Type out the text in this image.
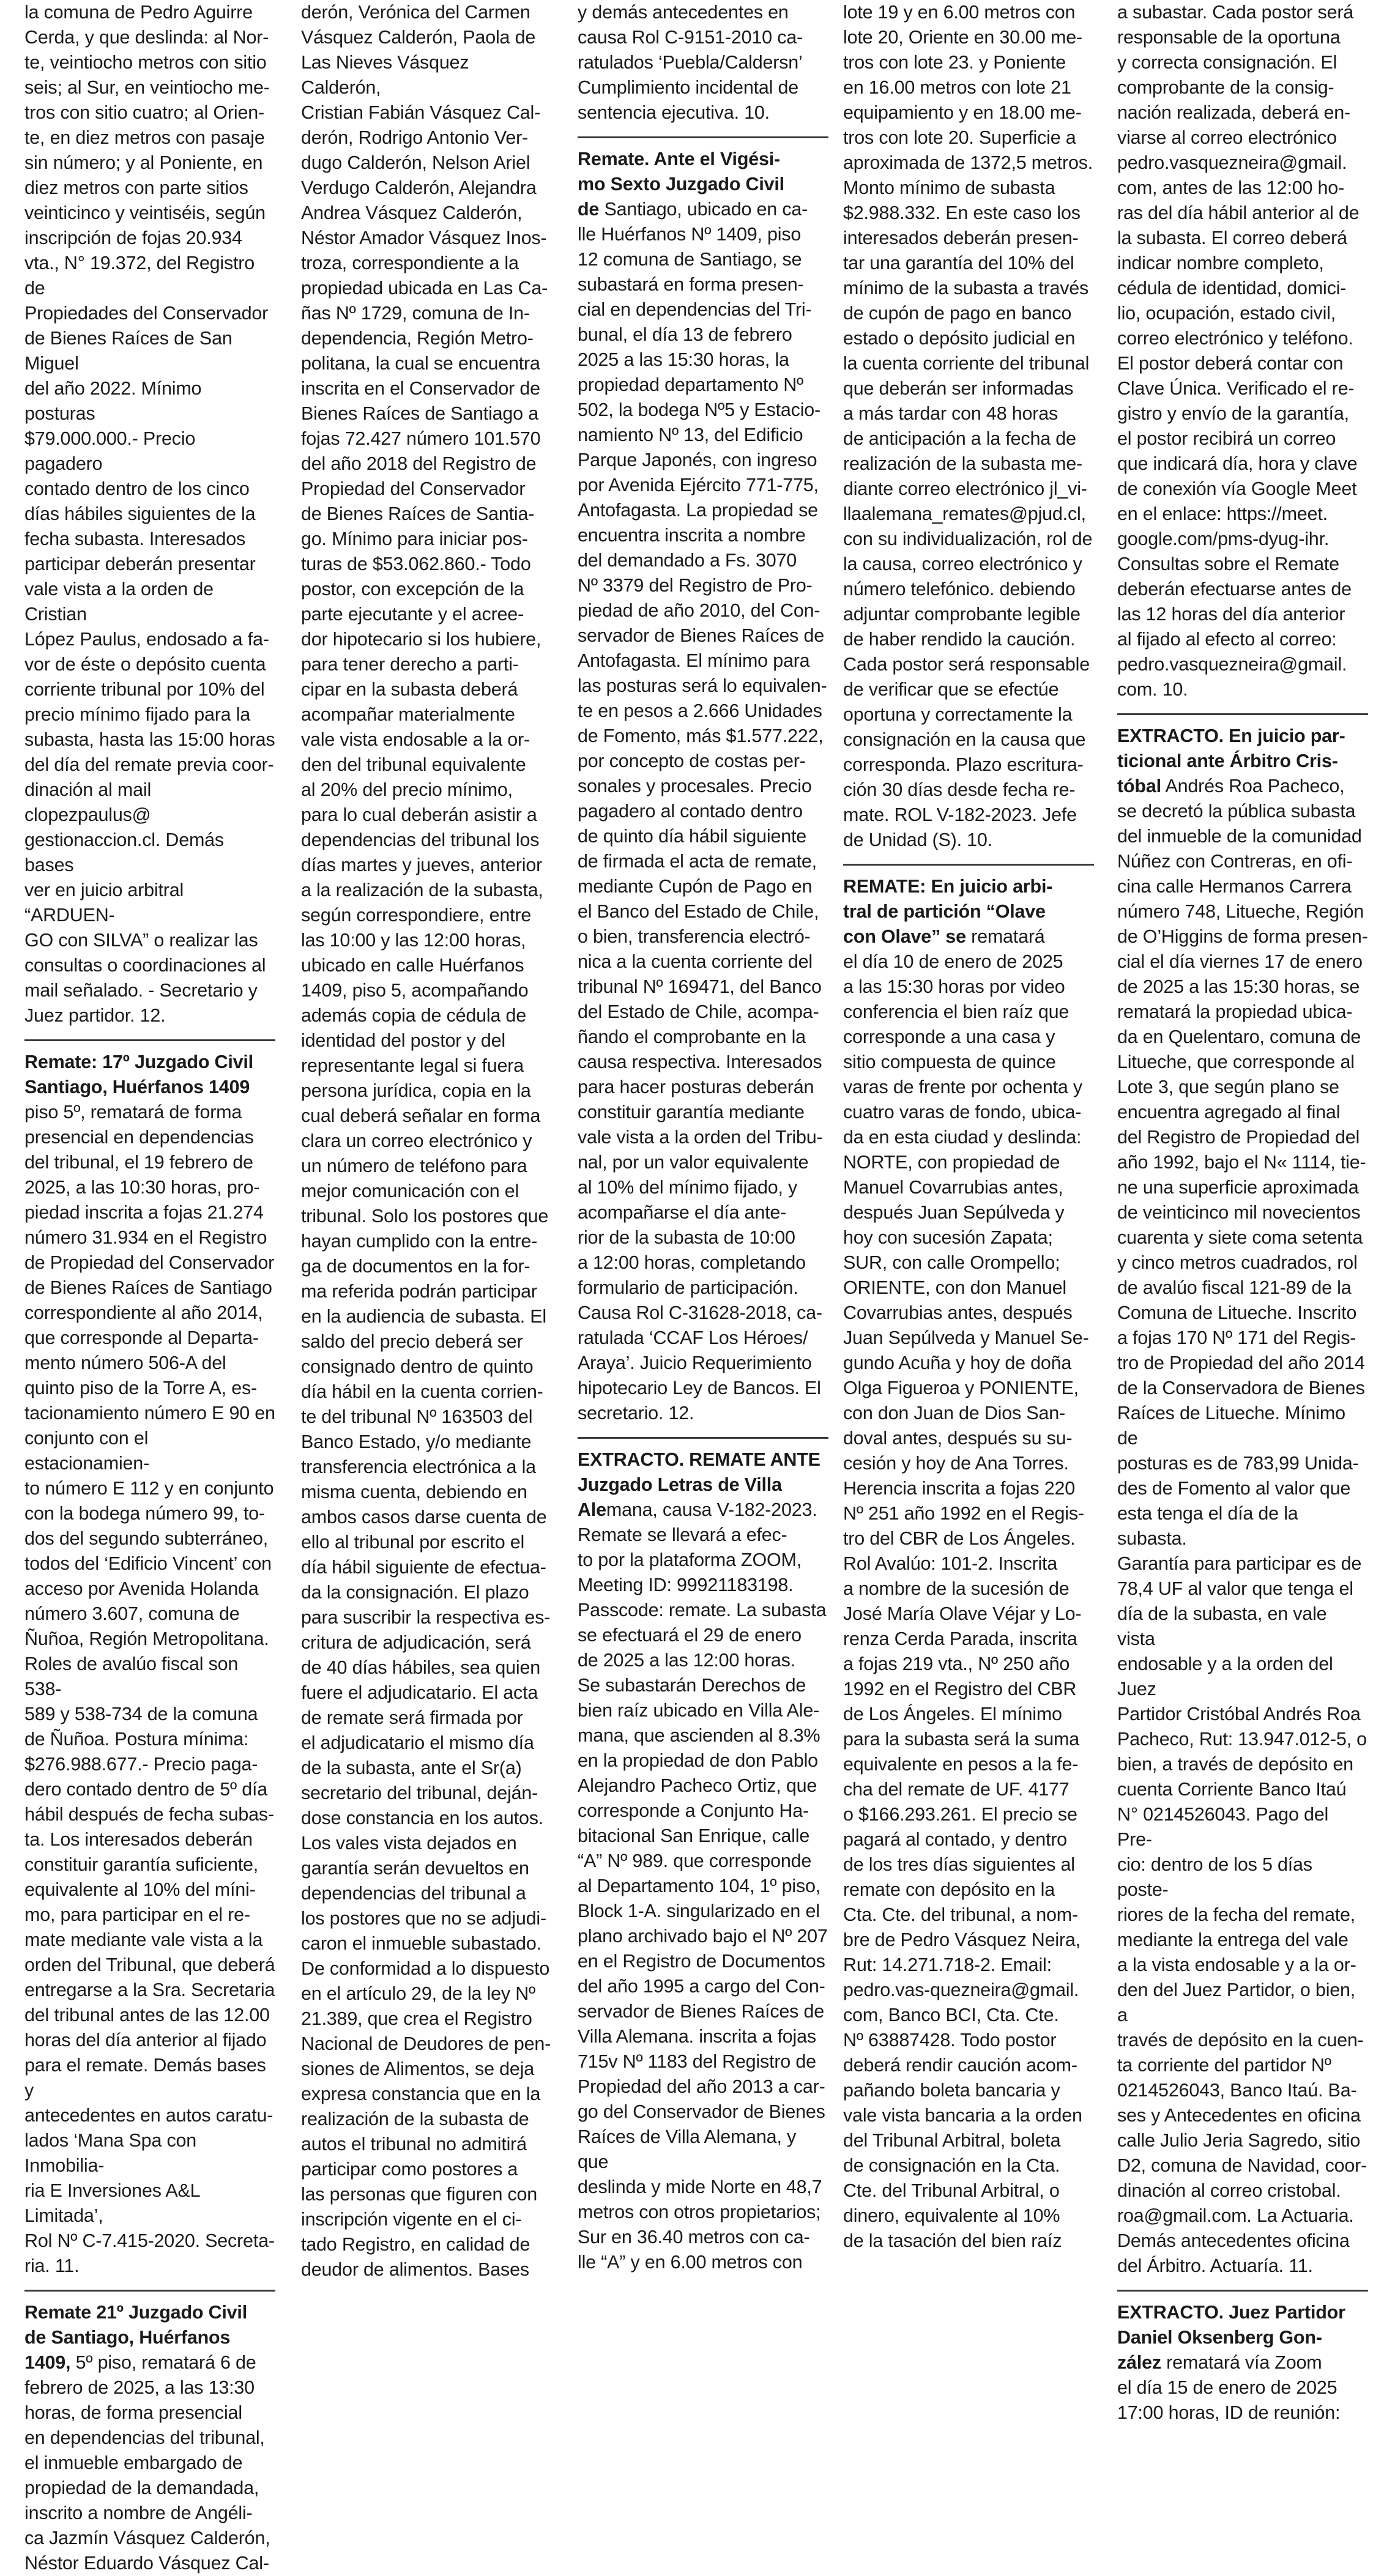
la comuna de Pedro Aguirre
Cerda, y que deslinda: al Nor-
te, veintiocho metros con sitio
seis; al Sur, en veintiocho me-
tros con sitio cuatro; al Orien-
te, en diez metros con pasaje
sin número; y al Poniente, en
diez metros con parte sitios
veinticinco y veintiséis, según
inscripción de fojas 20.934
vta., N° 19.372, del Registro de
Propiedades del Conservador
de Bienes Raíces de San Miguel
del año 2022. Mínimo posturas
$79.000.000.- Precio pagadero
contado dentro de los cinco
días hábiles siguientes de la
fecha subasta. Interesados
participar deberán presentar
vale vista a la orden de Cristian
López Paulus, endosado a fa-
vor de éste o depósito cuenta
corriente tribunal por 10% del
precio mínimo fijado para la
subasta, hasta las 15:00 horas
del día del remate previa coor-
dinación al mail clopezpaulus@
gestionaccion.cl. Demás bases
ver en juicio arbitral “ARDUEN-
GO con SILVA” o realizar las
consultas o coordinaciones al
mail señalado. - Secretario y
Juez partidor. 12.
Remate: 17º Juzgado Civil
Santiago, Huérfanos 1409
piso 5º, rematará de forma
presencial en dependencias
del tribunal, el 19 febrero de
2025, a las 10:30 horas, pro-
piedad inscrita a fojas 21.274
número 31.934 en el Registro
de Propiedad del Conservador
de Bienes Raíces de Santiago
correspondiente al año 2014,
que corresponde al Departa-
mento número 506-A del
quinto piso de la Torre A, es-
tacionamiento número E 90 en
conjunto con el estacionamien-
to número E 112 y en conjunto
con la bodega número 99, to-
dos del segundo subterráneo,
todos del ‘Edificio Vincent’ con
acceso por Avenida Holanda
número 3.607, comuna de
Ñuñoa, Región Metropolitana.
Roles de avalúo fiscal son 538-
589 y 538-734 de la comuna
de Ñuñoa. Postura mínima:
$276.988.677.- Precio paga-
dero contado dentro de 5º día
hábil después de fecha subas-
ta. Los interesados deberán
constituir garantía suficiente,
equivalente al 10% del míni-
mo, para participar en el re-
mate mediante vale vista a la
orden del Tribunal, que deberá
entregarse a la Sra. Secretaria
del tribunal antes de las 12.00
horas del día anterior al fijado
para el remate. Demás bases y
antecedentes en autos caratu-
lados ‘Mana Spa con Inmobilia-
ria E Inversiones A&L Limitada’,
Rol Nº C-7.415-2020. Secreta-
ria. 11.
Remate 21º Juzgado Civil
de Santiago, Huérfanos
1409, 5º piso, rematará 6 de
febrero de 2025, a las 13:30
horas, de forma presencial
en dependencias del tribunal,
el inmueble embargado de
propiedad de la demandada,
inscrito a nombre de Angéli-
ca Jazmín Vásquez Calderón,
Néstor Eduardo Vásquez Cal-
derón, Verónica del Carmen
Vásquez Calderón, Paola de
Las Nieves Vásquez Calderón,
Cristian Fabián Vásquez Cal-
derón, Rodrigo Antonio Ver-
dugo Calderón, Nelson Ariel
Verdugo Calderón, Alejandra
Andrea Vásquez Calderón,
Néstor Amador Vásquez Inos-
troza, correspondiente a la
propiedad ubicada en Las Ca-
ñas Nº 1729, comuna de In-
dependencia, Región Metro-
politana, la cual se encuentra
inscrita en el Conservador de
Bienes Raíces de Santiago a
fojas 72.427 número 101.570
del año 2018 del Registro de
Propiedad del Conservador
de Bienes Raíces de Santia-
go. Mínimo para iniciar pos-
turas de $53.062.860.- Todo
postor, con excepción de la
parte ejecutante y el acree-
dor hipotecario si los hubiere,
para tener derecho a parti-
cipar en la subasta deberá
acompañar materialmente
vale vista endosable a la or-
den del tribunal equivalente
al 20% del precio mínimo,
para lo cual deberán asistir a
dependencias del tribunal los
días martes y jueves, anterior
a la realización de la subasta,
según correspondiere, entre
las 10:00 y las 12:00 horas,
ubicado en calle Huérfanos
1409, piso 5, acompañando
además copia de cédula de
identidad del postor y del
representante legal si fuera
persona jurídica, copia en la
cual deberá señalar en forma
clara un correo electrónico y
un número de teléfono para
mejor comunicación con el
tribunal. Solo los postores que
hayan cumplido con la entre-
ga de documentos en la for-
ma referida podrán participar
en la audiencia de subasta. El
saldo del precio deberá ser
consignado dentro de quinto
día hábil en la cuenta corrien-
te del tribunal Nº 163503 del
Banco Estado, y/o mediante
transferencia electrónica a la
misma cuenta, debiendo en
ambos casos darse cuenta de
ello al tribunal por escrito el
día hábil siguiente de efectua-
da la consignación. El plazo
para suscribir la respectiva es-
critura de adjudicación, será
de 40 días hábiles, sea quien
fuere el adjudicatario. El acta
de remate será firmada por
el adjudicatario el mismo día
de la subasta, ante el Sr(a)
secretario del tribunal, deján-
dose constancia en los autos.
Los vales vista dejados en
garantía serán devueltos en
dependencias del tribunal a
los postores que no se adjudi-
caron el inmueble subastado.
De conformidad a lo dispuesto
en el artículo 29, de la ley Nº
21.389, que crea el Registro
Nacional de Deudores de pen-
siones de Alimentos, se deja
expresa constancia que en la
realización de la subasta de
autos el tribunal no admitirá
participar como postores a
las personas que figuren con
inscripción vigente en el ci-
tado Registro, en calidad de
deudor de alimentos. Bases
y demás antecedentes en
causa Rol C-9151-2010 ca-
ratulados ‘Puebla/Caldersn’
Cumplimiento incidental de
sentencia ejecutiva. 10.
Remate. Ante el Vigési-
mo Sexto Juzgado Civil
de Santiago, ubicado en ca-
lle Huérfanos Nº 1409, piso
12 comuna de Santiago, se
subastará en forma presen-
cial en dependencias del Tri-
bunal, el día 13 de febrero
2025 a las 15:30 horas, la
propiedad departamento Nº
502, la bodega Nº5 y Estacio-
namiento Nº 13, del Edificio
Parque Japonés, con ingreso
por Avenida Ejército 771-775,
Antofagasta. La propiedad se
encuentra inscrita a nombre
del demandado a Fs. 3070
Nº 3379 del Registro de Pro-
piedad de año 2010, del Con-
servador de Bienes Raíces de
Antofagasta. El mínimo para
las posturas será lo equivalen-
te en pesos a 2.666 Unidades
de Fomento, más $1.577.222,
por concepto de costas per-
sonales y procesales. Precio
pagadero al contado dentro
de quinto día hábil siguiente
de firmada el acta de remate,
mediante Cupón de Pago en
el Banco del Estado de Chile,
o bien, transferencia electró-
nica a la cuenta corriente del
tribunal Nº 169471, del Banco
del Estado de Chile, acompa-
ñando el comprobante en la
causa respectiva. Interesados
para hacer posturas deberán
constituir garantía mediante
vale vista a la orden del Tribu-
nal, por un valor equivalente
al 10% del mínimo fijado, y
acompañarse el día ante-
rior de la subasta de 10:00
a 12:00 horas, completando
formulario de participación.
Causa Rol C-31628-2018, ca-
ratulada ‘CCAF Los Héroes/
Araya’. Juicio Requerimiento
hipotecario Ley de Bancos. El
secretario. 12.
EXTRACTO. REMATE ANTE
Juzgado Letras de Villa
Alemana, causa V-182-2023.
Remate se llevará a efec-
to por la plataforma ZOOM,
Meeting ID: 99921183198.
Passcode: remate. La subasta
se efectuará el 29 de enero
de 2025 a las 12:00 horas.
Se subastarán Derechos de
bien raíz ubicado en Villa Ale-
mana, que ascienden al 8.3%
en la propiedad de don Pablo
Alejandro Pacheco Ortiz, que
corresponde a Conjunto Ha-
bitacional San Enrique, calle
“A” Nº 989. que corresponde
al Departamento 104, 1º piso,
Block 1-A. singularizado en el
plano archivado bajo el Nº 207
en el Registro de Documentos
del año 1995 a cargo del Con-
servador de Bienes Raíces de
Villa Alemana. inscrita a fojas
715v Nº 1183 del Registro de
Propiedad del año 2013 a car-
go del Conservador de Bienes
Raíces de Villa Alemana, y que
deslinda y mide Norte en 48,7
metros con otros propietarios;
Sur en 36.40 metros con ca-
lle “A” y en 6.00 metros con
lote 19 y en 6.00 metros con
lote 20, Oriente en 30.00 me-
tros con lote 23. y Poniente
en 16.00 metros con lote 21
equipamiento y en 18.00 me-
tros con lote 20. Superficie a
aproximada de 1372,5 metros.
Monto mínimo de subasta
$2.988.332. En este caso los
interesados deberán presen-
tar una garantía del 10% del
mínimo de la subasta a través
de cupón de pago en banco
estado o depósito judicial en
la cuenta corriente del tribunal
que deberán ser informadas
a más tardar con 48 horas
de anticipación a la fecha de
realización de la subasta me-
diante correo electrónico jl_vi-
llaalemana_remates@pjud.cl,
con su individualización, rol de
la causa, correo electrónico y
número telefónico. debiendo
adjuntar comprobante legible
de haber rendido la caución.
Cada postor será responsable
de verificar que se efectúe
oportuna y correctamente la
consignación en la causa que
corresponda. Plazo escritura-
ción 30 días desde fecha re-
mate. ROL V-182-2023. Jefe
de Unidad (S). 10.
REMATE: En juicio arbi-
tral de partición “Olave
con Olave” se rematará
el día 10 de enero de 2025
a las 15:30 horas por video
conferencia el bien raíz que
corresponde a una casa y
sitio compuesta de quince
varas de frente por ochenta y
cuatro varas de fondo, ubica-
da en esta ciudad y deslinda:
NORTE, con propiedad de
Manuel Covarrubias antes,
después Juan Sepúlveda y
hoy con sucesión Zapata;
SUR, con calle Orompello;
ORIENTE, con don Manuel
Covarrubias antes, después
Juan Sepúlveda y Manuel Se-
gundo Acuña y hoy de doña
Olga Figueroa y PONIENTE,
con don Juan de Dios San-
doval antes, después su su-
cesión y hoy de Ana Torres.
Herencia inscrita a fojas 220
Nº 251 año 1992 en el Regis-
tro del CBR de Los Ángeles.
Rol Avalúo: 101-2. Inscrita
a nombre de la sucesión de
José María Olave Véjar y Lo-
renza Cerda Parada, inscrita
a fojas 219 vta., Nº 250 año
1992 en el Registro del CBR
de Los Ángeles. El mínimo
para la subasta será la suma
equivalente en pesos a la fe-
cha del remate de UF. 4177
o $166.293.261. El precio se
pagará al contado, y dentro
de los tres días siguientes al
remate con depósito en la
Cta. Cte. del tribunal, a nom-
bre de Pedro Vásquez Neira,
Rut: 14.271.718-2. Email:
pedro.vas-quezneira@gmail.
com, Banco BCI, Cta. Cte.
Nº 63887428. Todo postor
deberá rendir caución acom-
pañando boleta bancaria y
vale vista bancaria a la orden
del Tribunal Arbitral, boleta
de consignación en la Cta.
Cte. del Tribunal Arbitral, o
dinero, equivalente al 10%
de la tasación del bien raíz
a subastar. Cada postor será
responsable de la oportuna
y correcta consignación. El
comprobante de la consig-
nación realizada, deberá en-
viarse al correo electrónico
pedro.vasquezneira@gmail.
com, antes de las 12:00 ho-
ras del día hábil anterior al de
la subasta. El correo deberá
indicar nombre completo,
cédula de identidad, domici-
lio, ocupación, estado civil,
correo electrónico y teléfono.
El postor deberá contar con
Clave Única. Verificado el re-
gistro y envío de la garantía,
el postor recibirá un correo
que indicará día, hora y clave
de conexión vía Google Meet
en el enlace: https://meet.
google.com/pms-dyug-ihr.
Consultas sobre el Remate
deberán efectuarse antes de
las 12 horas del día anterior
al fijado al efecto al correo:
pedro.vasquezneira@gmail.
com. 10.
EXTRACTO. En juicio par-
ticional ante Árbitro Cris-
tóbal Andrés Roa Pacheco,
se decretó la pública subasta
del inmueble de la comunidad
Núñez con Contreras, en ofi-
cina calle Hermanos Carrera
número 748, Litueche, Región
de O’Higgins de forma presen-
cial el día viernes 17 de enero
de 2025 a las 15:30 horas, se
rematará la propiedad ubica-
da en Quelentaro, comuna de
Litueche, que corresponde al
Lote 3, que según plano se
encuentra agregado al final
del Registro de Propiedad del
año 1992, bajo el N« 1114, tie-
ne una superficie aproximada
de veinticinco mil novecientos
cuarenta y siete coma setenta
y cinco metros cuadrados, rol
de avalúo fiscal 121-89 de la
Comuna de Litueche. Inscrito
a fojas 170 Nº 171 del Regis-
tro de Propiedad del año 2014
de la Conservadora de Bienes
Raíces de Litueche. Mínimo de
posturas es de 783,99 Unida-
des de Fomento al valor que
esta tenga el día de la subasta.
Garantía para participar es de
78,4 UF al valor que tenga el
día de la subasta, en vale vista
endosable y a la orden del Juez
Partidor Cristóbal Andrés Roa
Pacheco, Rut: 13.947.012-5, o
bien, a través de depósito en
cuenta Corriente Banco Itaú
N° 0214526043. Pago del Pre-
cio: dentro de los 5 días poste-
riores de la fecha del remate,
mediante la entrega del vale
a la vista endosable y a la or-
den del Juez Partidor, o bien, a
través de depósito en la cuen-
ta corriente del partidor Nº
0214526043, Banco Itaú. Ba-
ses y Antecedentes en oficina
calle Julio Jeria Sagredo, sitio
D2, comuna de Navidad, coor-
dinación al correo cristobal.
roa@gmail.com. La Actuaria.
Demás antecedentes oficina
del Árbitro. Actuaría. 11.
EXTRACTO. Juez Partidor
Daniel Oksenberg Gon-
zález rematará vía Zoom
el día 15 de enero de 2025
17:00 horas, ID de reunión:
